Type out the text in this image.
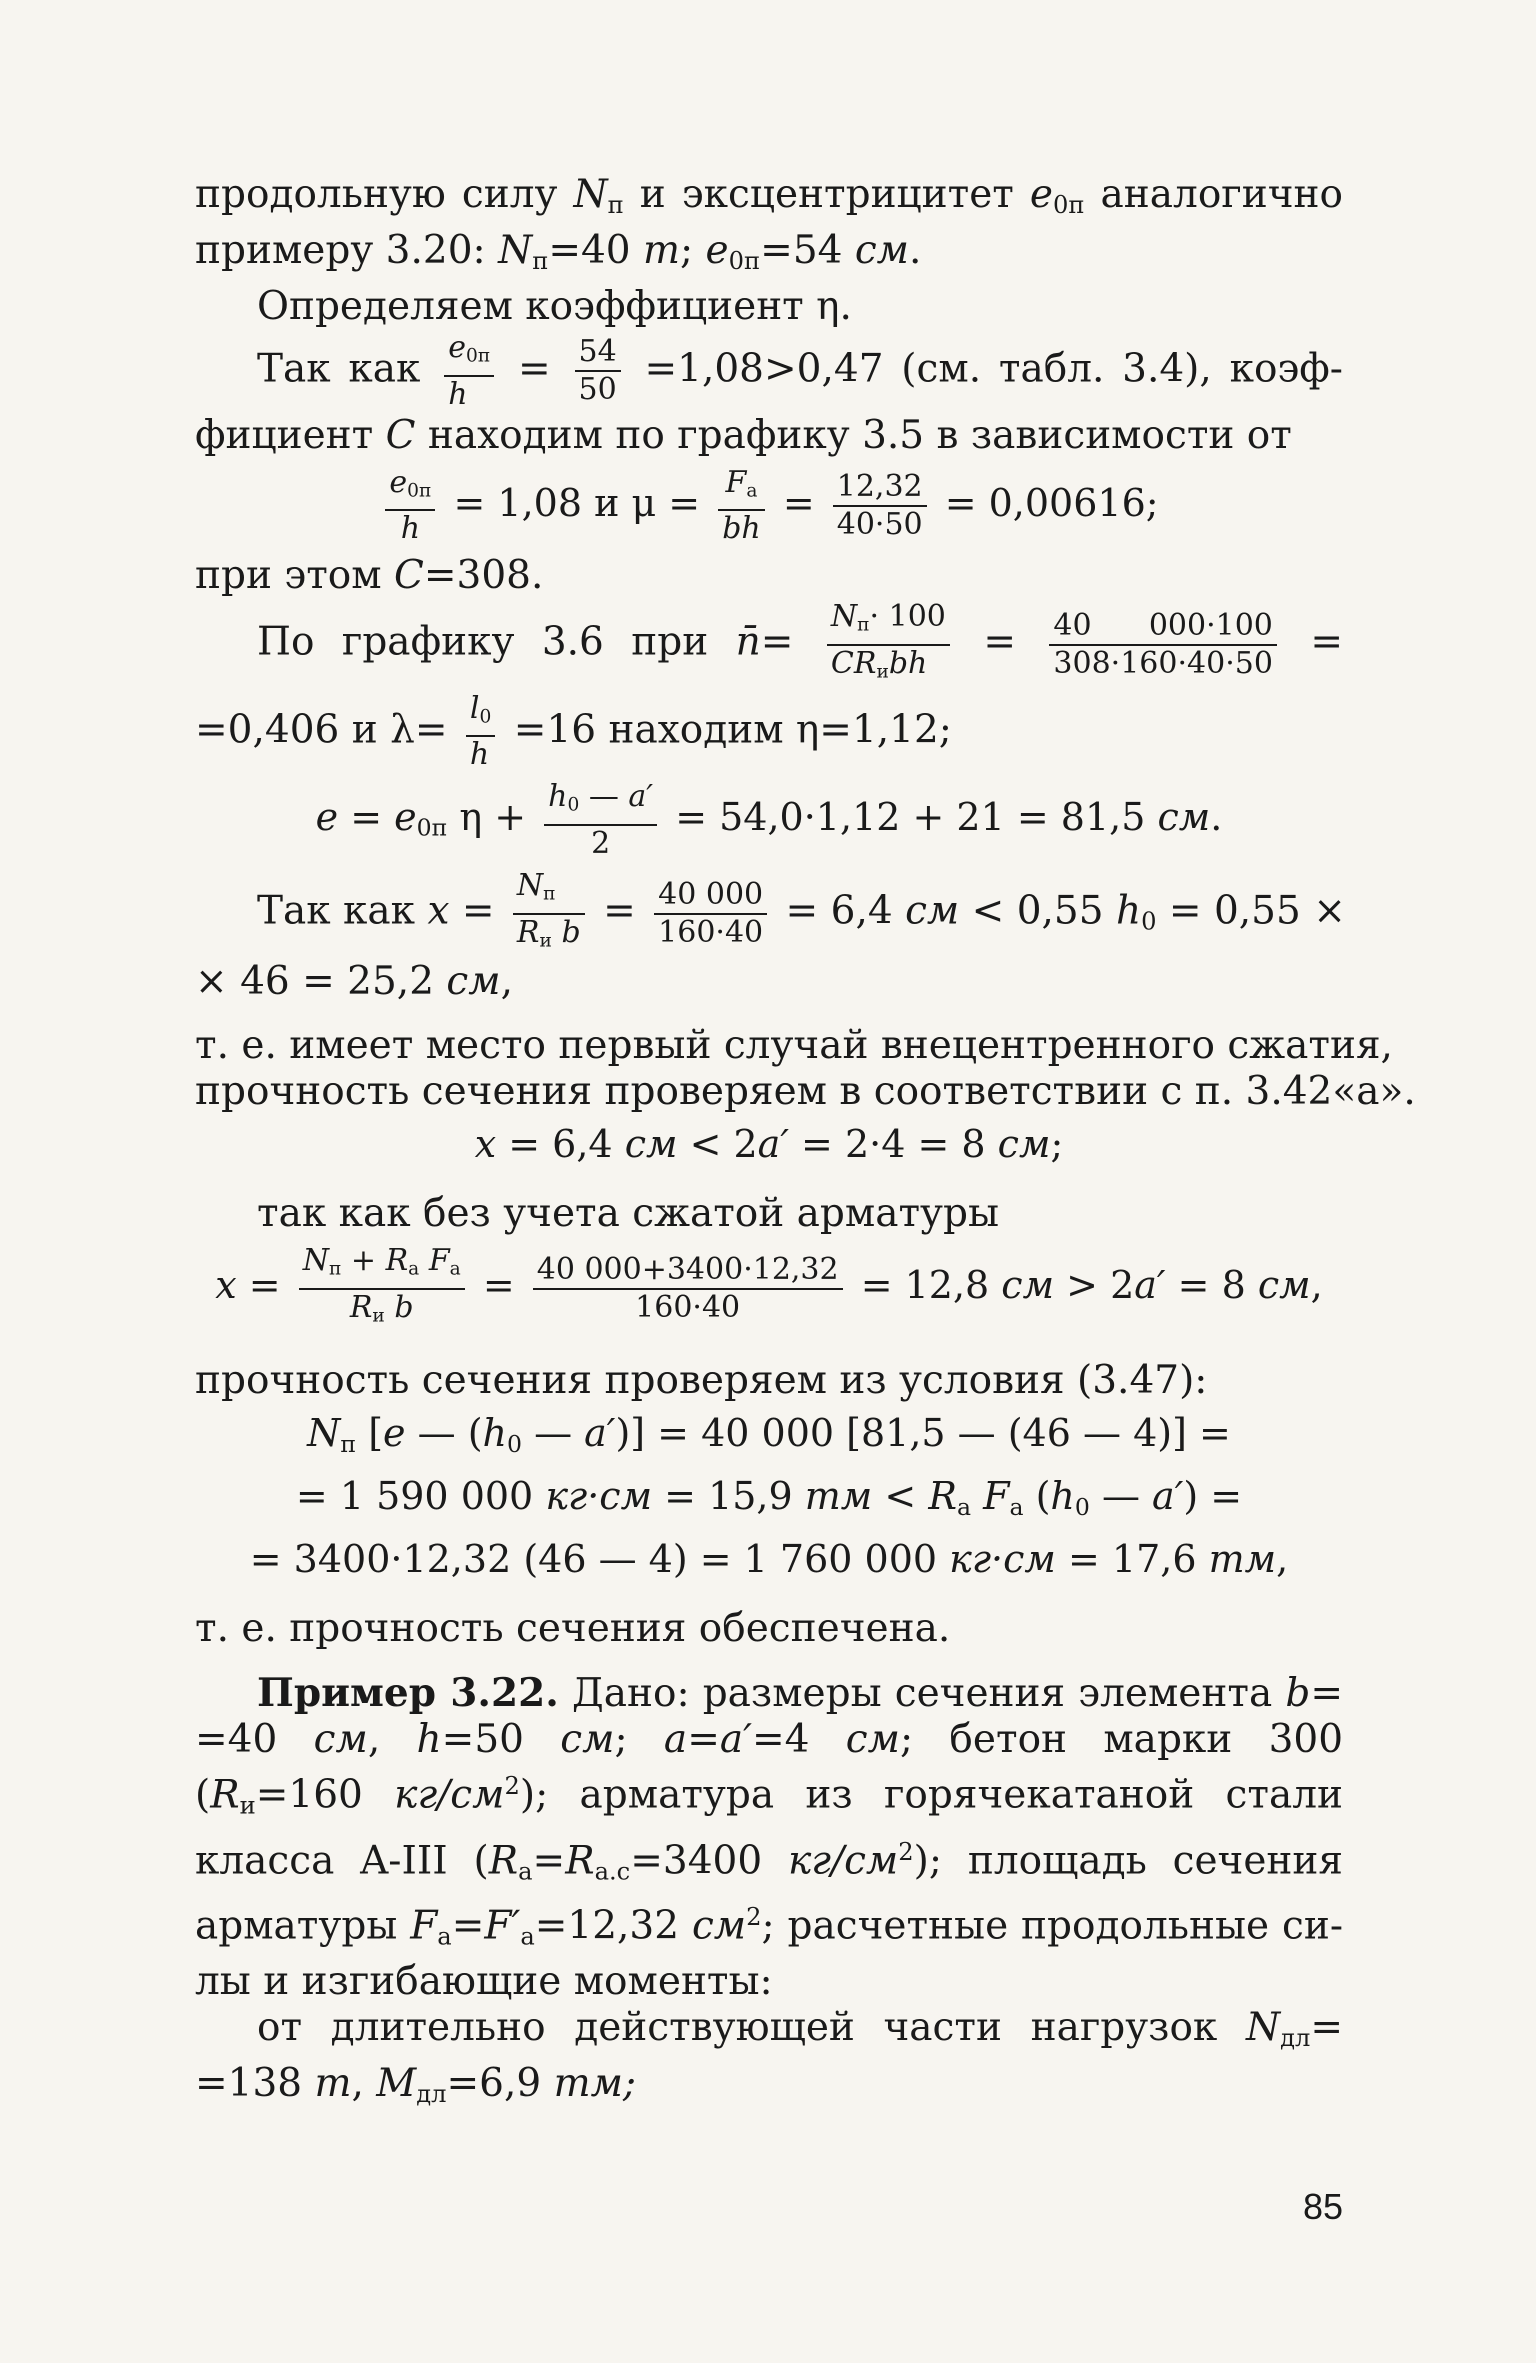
продольную силу $N_п$ и эксцентрицитет $e_{0п}$ аналогично
примеру 3.20: $N_п=40$ т; $e_{0п}=54$ см.
Определяем коэффициент η.
Так как $\frac{e_{0п}}{h} = \frac{54}{50} =1,08>0,47$ (см. табл. 3.4), коэф-
фициент C находим по графику 3.5 в зависимости от
$\frac{e_{0п}}{h} = 1,08$ и $\mu = \frac{F_а}{bh} = \frac{12,32}{40\cdot 50} = 0,00616$;
при этом C=308.
По графику 3.6 при n̄= $\frac{N_п\cdot 100}{CR_иbh} = \frac{40 000\cdot 100}{308\cdot 160\cdot 40\cdot 50}$ =
=0,406 и $\lambda= \frac{l_0}{h} =16$ находим η=1,12;
$e = e_{0п}$ $\eta + \frac{h_0 — a'}{2} = 54,0\cdot 1,12 + 21 = 81,5$ см.
Так как $x = \frac{N_п}{R_и b} = \frac{40 000}{160\cdot 40} = 6,4$ см < 0,55 $h_0 = 0,55$ ×
× 46 = 25,2 см,
т. е. имеет место первый случай внецентренного сжатия,
прочность сечения проверяем в соответствии с п. 3.42«а».
x = 6,4 см < 2a′ = 2·4 = 8 см;
так как без учета сжатой арматуры
$x = \frac{N_п + R_а F_а}{R_и b} = \frac{40 000+3400\cdot 12,32}{160\cdot 40} = 12,8$ см > 2a′ = 8 см,
прочность сечения проверяем из условия (3.47):
$N_п$ [e — ($h_0$ — a′)] = 40 000 [81,5 — (46 — 4)] =
= 1 590 000 кг·см = 15,9 тм < $R_а$ $F_а$ ($h_0$ — a′) =
= 3400·12,32 (46 — 4) = 1 760 000 кг·см = 17,6 тм,
т. е. прочность сечения обеспечена.
Пример 3.22. Дано: размеры сечения элемента b=
=40 см, h=50 см; a=a′=4 см; бетон марки 300
($R_и=160$ $кг/см^2$); арматура из горячекатаной стали
класса A-III ($R_а=R_{а.с}=3400$ $кг/см^2$); площадь сечения
арматуры $F_а=F'_а=12,32$ $см^2$; расчетные продольные си-
лы и изгибающие моменты:
от длительно действующей части нагрузок $N_{дл}=$
=138 т, $M_{дл}=6,9$ тм;
85
